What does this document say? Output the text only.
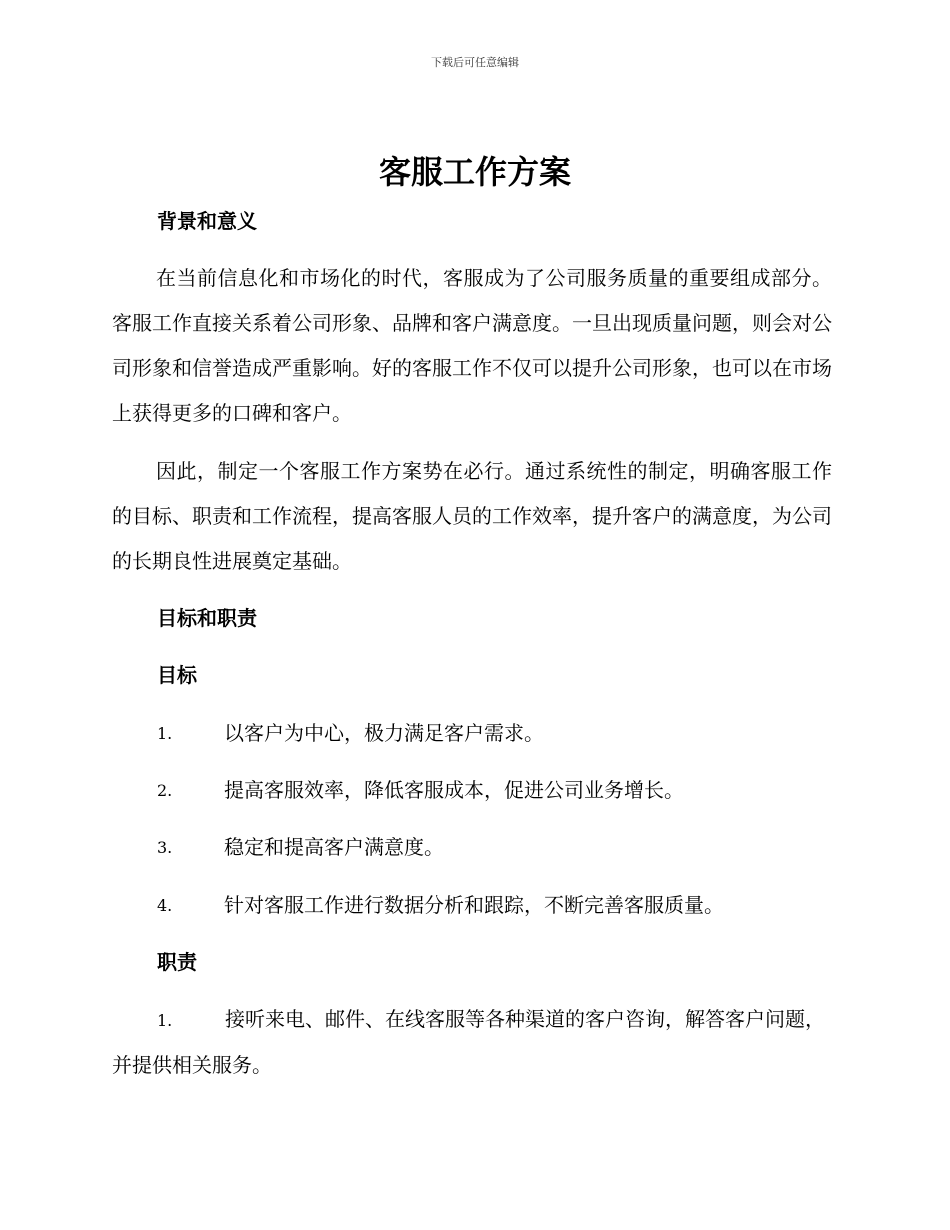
下载后可任意编辑
客服工作方案
背景和意义
在当前信息化和市场化的时代，客服成为了公司服务质量的重要组成部分。客服工作直接关系着公司形象、品牌和客户满意度。一旦出现质量问题，则会对公司形象和信誉造成严重影响。好的客服工作不仅可以提升公司形象，也可以在市场上获得更多的口碑和客户。
因此，制定一个客服工作方案势在必行。通过系统性的制定，明确客服工作的目标、职责和工作流程，提高客服人员的工作效率，提升客户的满意度，为公司的长期良性进展奠定基础。
目标和职责
目标
1.	以客户为中心，极力满足客户需求。
2.	提高客服效率，降低客服成本，促进公司业务增长。
3.	稳定和提高客户满意度。
4.	针对客服工作进行数据分析和跟踪，不断完善客服质量。
职责
1.	接听来电、邮件、在线客服等各种渠道的客户咨询，解答客户问题，并提供相关服务。
